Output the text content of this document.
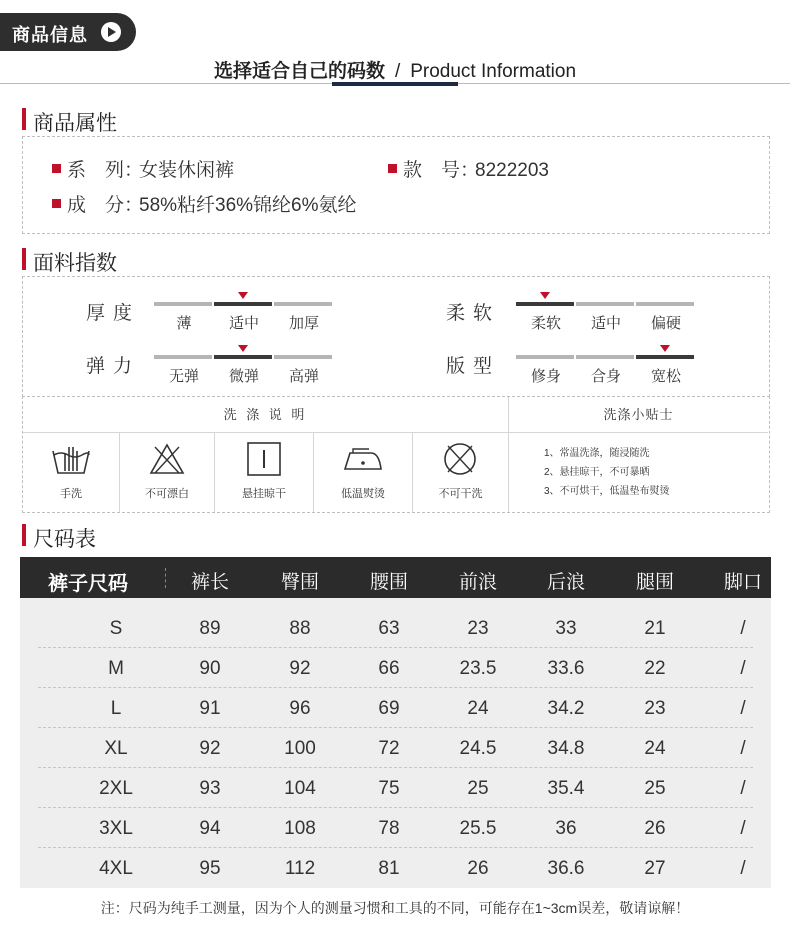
商品信息
选择适合自己的码数 / Product Information
商品属性
系　列：女装休闲裤	款　号：8222203
成　分：58%粘纤36%锦纶6%氨纶
面料指数
厚度	薄	适中	加厚	柔软	柔软	适中	偏硬
弹力	无弹	微弹	高弹	版型	修身	合身	宽松
洗 涤 说 明	洗涤小贴士
手洗	不可漂白	悬挂晾干	低温熨烫	不可干洗
1、常温洗涤，随浸随洗
2、悬挂晾干，不可暴晒
3、不可烘干，低温垫布熨烫
尺码表
裤子尺码	裤长	臀围	腰围	前浪	后浪	腿围	脚口
S	89	88	63	23	33	21	/
M	90	92	66	23.5	33.6	22	/
L	91	96	69	24	34.2	23	/
XL	92	100	72	24.5	34.8	24	/
2XL	93	104	75	25	35.4	25	/
3XL	94	108	78	25.5	36	26	/
4XL	95	112	81	26	36.6	27	/
注：尺码为纯手工测量，因为个人的测量习惯和工具的不同，可能存在1~3cm误差，敬请谅解！
